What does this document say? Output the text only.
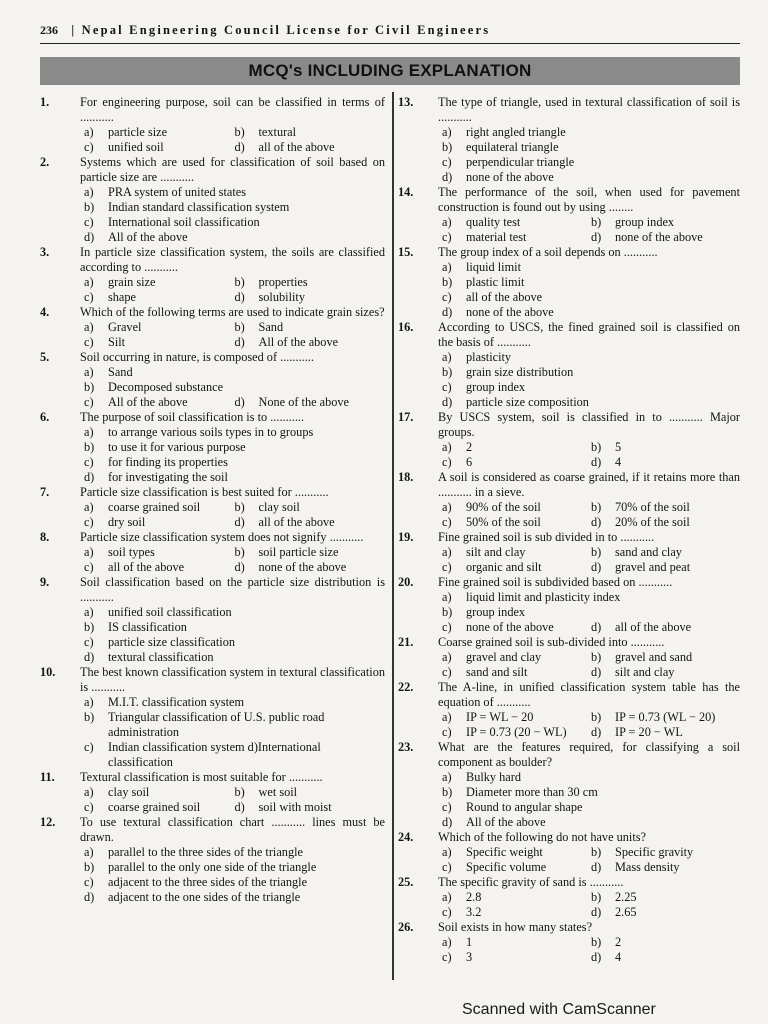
236 | Nepal Engineering Council License for Civil Engineers
MCQ's INCLUDING EXPLANATION
1.	For engineering purpose, soil can be classified in terms of ...........
a)	particle size	b)	textural
c)	unified soil	d)	all of the above
2.	Systems which are used for classification of soil based on particle size are ...........
a)	PRA system of united states
b)	Indian standard classification system
c)	International soil classification
d)	All of the above
3.	In particle size classification system, the soils are classified according to ...........
a)	grain size	b)	properties
c)	shape	d)	solubility
4.	Which of the following terms are used to indicate grain sizes?
a)	Gravel	b)	Sand
c)	Silt	d)	All of the above
5.	Soil occurring in nature, is composed of ...........
a)	Sand
b)	Decomposed substance
c)	All of the above	d)	None of the above
6.	The purpose of soil classification is to ...........
a)	to arrange various soils types in to groups
b)	to use it for various purpose
c)	for finding its properties
d)	for investigating the soil
7.	Particle size classification is best suited for ...........
a)	coarse grained soil	b)	clay soil
c)	dry soil	d)	all of the above
8.	Particle size classification system does not signify ...........
a)	soil types	b)	soil particle size
c)	all of the above	d)	none of the above
9.	Soil classification based on the particle size distribution is ...........
a)	unified soil classification
b)	IS classification
c)	particle size classification
d)	textural classification
10.	The best known classification system in textural classification is ...........
a)	M.I.T. classification system
b)	Triangular classification of U.S. public road administration
c)	Indian classification system d)International classification
11.	Textural classification is most suitable for ...........
a)	clay soil	b)	wet soil
c)	coarse grained soil	d)	soil with moist
12.	To use textural classification chart ........... lines must be drawn.
a)	parallel to the three sides of the triangle
b)	parallel to the only one side of the triangle
c)	adjacent to the three sides of the triangle
d)	adjacent to the one sides of the triangle
13.	The type of triangle, used in textural classification of soil is ...........
a)	right angled triangle
b)	equilateral triangle
c)	perpendicular triangle
d)	none of the above
14.	The performance of the soil, when used for pavement construction is found out by using ........
a)	quality test	b)	group index
c)	material test	d)	none of the above
15.	The group index of a soil depends on ...........
a)	liquid limit
b)	plastic limit
c)	all of the above
d)	none of the above
16.	According to USCS, the fined grained soil is classified on the basis of ...........
a)	plasticity
b)	grain size distribution
c)	group index
d)	particle size composition
17.	By USCS system, soil is classified in to ........... Major groups.
a)	2	b)	5
c)	6	d)	4
18.	A soil is considered as coarse grained, if it retains more than ........... in a sieve.
a)	90% of the soil	b)	70% of the soil
c)	50% of the soil	d)	20% of the soil
19.	Fine grained soil is sub divided in to ...........
a)	silt and clay	b)	sand and clay
c)	organic and silt	d)	gravel and peat
20.	Fine grained soil is subdivided based on ...........
a)	liquid limit and plasticity index
b)	group index
c)	none of the above	d)	all of the above
21.	Coarse grained soil is sub-divided into ...........
a)	gravel and clay	b)	gravel and sand
c)	sand and silt	d)	silt and clay
22.	The A-line, in unified classification system table has the equation of ...........
a)	IP = WL − 20	b)	IP = 0.73 (WL − 20)
c)	IP = 0.73 (20 − WL)	d)	IP = 20 − WL
23.	What are the features required, for classifying a soil component as boulder?
a)	Bulky hard
b)	Diameter more than 30 cm
c)	Round to angular shape
d)	All of the above
24.	Which of the following do not have units?
a)	Specific weight	b)	Specific gravity
c)	Specific volume	d)	Mass density
25.	The specific gravity of sand is ...........
a)	2.8	b)	2.25
c)	3.2	d)	2.65
26.	Soil exists in how many states?
a)	1	b)	2
c)	3	d)	4
Scanned with CamScanner
